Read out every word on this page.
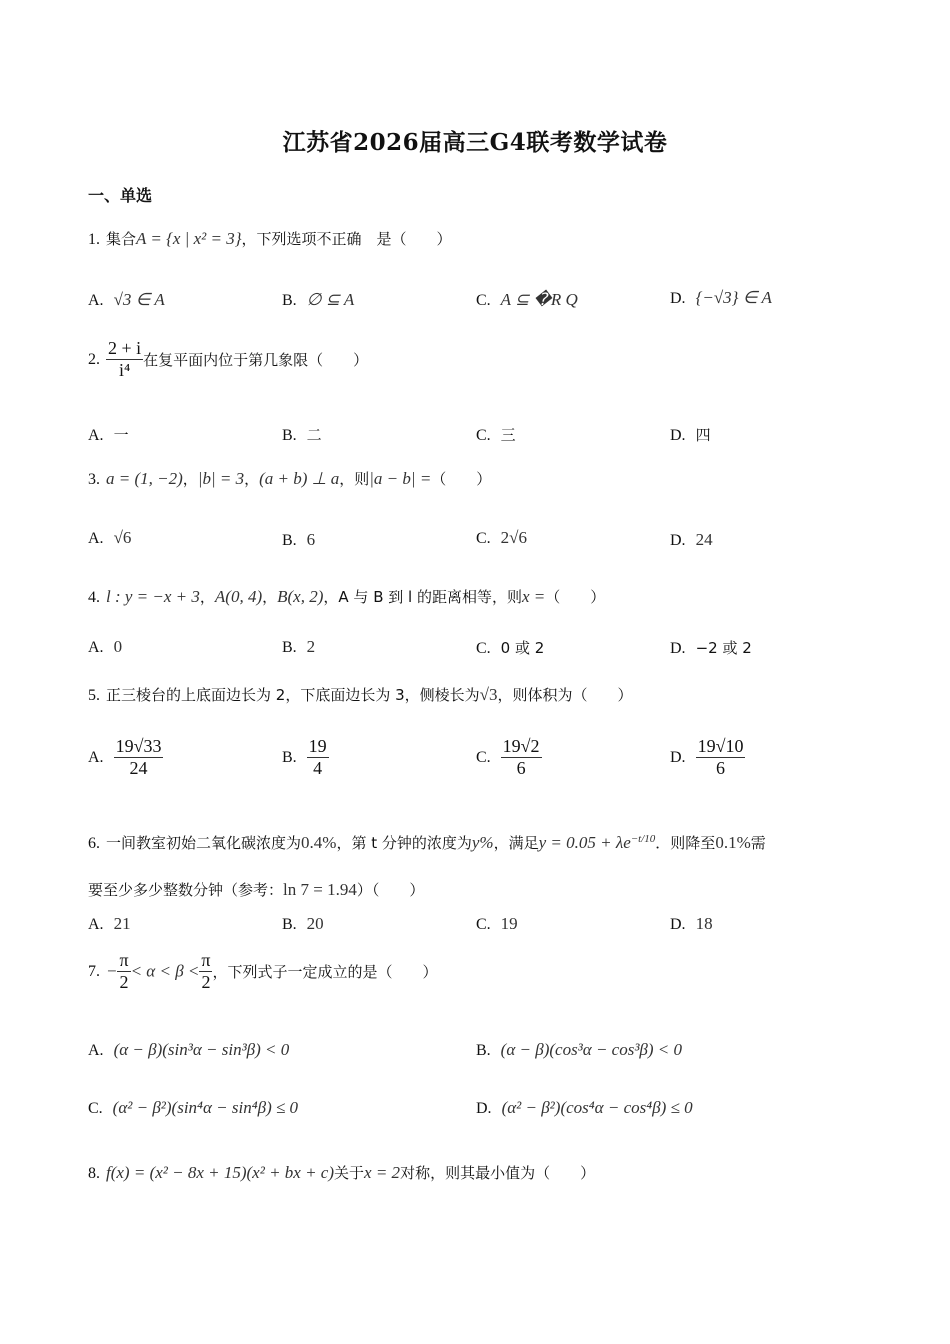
江苏省2026届高三G4联考数学试卷
一、单选
1. 集合A = {x | x² = 3}，下列选项不正确　是（　　）
A. √3 ∈ A	B. ∅ ⊆ A	C. A ⊆ �R Q	D. {−√3} ∈ A
2. $\frac{2 + i}{\text{i⁴}}$ 在复平面内位于第几象限（　　）
A. 一	B. 二	C. 三	D. 四
3. a = (1, −2)，|b| = 3，(a + b) ⊥ a，则|a − b| =（　　）
A. √6	B. 6	C. 2√6	D. 24
4. l : y = −x + 3，A(0, 4)，B(x, 2)，A 与 B 到 l 的距离相等，则x =（　　）
A. 0	B. 2	C. 0 或 2	D. −2 或 2
5. 正三棱台的上底面边长为 2，下底面边长为 3，侧棱长为√3，则体积为（　　）
A. $\frac{19√33}{24}$	B. $\frac{19}{4}$	C. $\frac{19√2}{6}$	D. $\frac{19√10}{6}$
6. 一间教室初始二氧化碳浓度为0.4%，第 t 分钟的浓度为y%，满足$y = 0.05 + \lambda e^{-t/10}$．则降至0.1%需
要至少多少整数分钟（参考：ln 7 = 1.94）（　　）
A. 21	B. 20	C. 19	D. 18
7. − $\frac{\pi}{2} < \alpha < \beta < \frac{\pi}{2}$ ，下列式子一定成立的是（　　）
A. (α − β)(sin³α − sin³β) < 0	B. (α − β)(cos³α − cos³β) < 0
C. (α² − β²)(sin⁴α − sin⁴β) ≤ 0	D. (α² − β²)(cos⁴α − cos⁴β) ≤ 0
8. f(x) = (x² − 8x + 15)(x² + bx + c)关于x = 2对称，则其最小值为（　　）
